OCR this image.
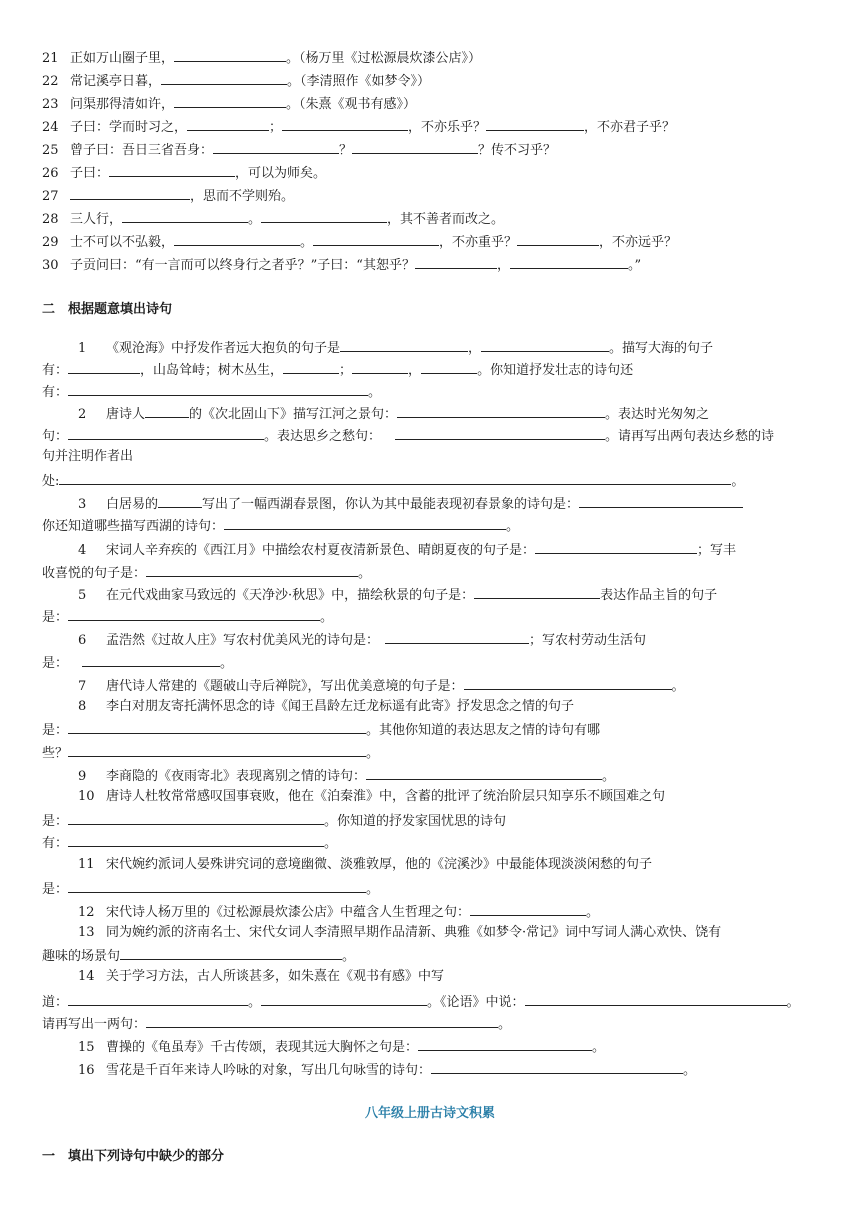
21 正如万山圈子里，	。（杨万里《过松源晨炊漆公店》）
22 常记溪亭日暮，	。（李清照作《如梦令》）
23 问渠那得清如许，	。（朱熹《观书有感》）
24 子曰：学而时习之，	；	，不亦乐乎？	，不亦君子乎？
25 曾子曰：吾日三省吾身：	？	？传不习乎？
26 子曰：	，可以为师矣。
27	，思而不学则殆。
28 三人行，	。	，其不善者而改之。
29 士不可以不弘毅，	。	，不亦重乎？	，不亦远乎？
30 子贡问曰：“有一言而可以终身行之者乎？”子曰：“其恕乎？	，	。”
二　根据题意填出诗句
1 《观沧海》中抒发作者远大抱负的句子是	，	。描写大海的句子
有：	，山岛耸峙；树木丛生，	；	，	。你知道抒发壮志的诗句还
有：	。
2 唐诗人	的《次北固山下》描写江河之景句：	。表达时光匆匆之
句：	。表达思乡之愁句：	。请再写出两句表达乡愁的诗
句并注明作者出
处:	。
3 白居易的	写出了一幅西湖春景图，你认为其中最能表现初春景象的诗句是：
你还知道哪些描写西湖的诗句：	。
4 宋词人辛弃疾的《西江月》中描绘农村夏夜清新景色、晴朗夏夜的句子是：	；写丰
收喜悦的句子是：	。
5 在元代戏曲家马致远的《天净沙·秋思》中，描绘秋景的句子是：	表达作品主旨的句子
是：	。
6 孟浩然《过故人庄》写农村优美风光的诗句是：	；写农村劳动生活句
是：	。
7 唐代诗人常建的《题破山寺后禅院》，写出优美意境的句子是：	。
8 李白对朋友寄托满怀思念的诗《闻王昌龄左迁龙标遥有此寄》抒发思念之情的句子
是：	。其他你知道的表达思友之情的诗句有哪
些？	。
9 李商隐的《夜雨寄北》表现离别之情的诗句：	。
10 唐诗人杜牧常常感叹国事衰败，他在《泊秦淮》中，含蓄的批评了统治阶层只知享乐不顾国难之句
是：	。你知道的抒发家国忧思的诗句
有：	。
11 宋代婉约派词人晏殊讲究词的意境幽微、淡雅敦厚，他的《浣溪沙》中最能体现淡淡闲愁的句子
是：	。
12 宋代诗人杨万里的《过松源晨炊漆公店》中蕴含人生哲理之句：	。
13 同为婉约派的济南名士、宋代女词人李清照早期作品清新、典雅《如梦令·常记》词中写词人满心欢快、饶有
趣味的场景句	。
14 关于学习方法，古人所谈甚多，如朱熹在《观书有感》中写
道：	。	。《论语》中说：	。
请再写出一两句：	。
15 曹操的《龟虽寿》千古传颂，表现其远大胸怀之句是：	。
16 雪花是千百年来诗人吟咏的对象，写出几句咏雪的诗句：	。
八年级上册古诗文积累
一　填出下列诗句中缺少的部分
